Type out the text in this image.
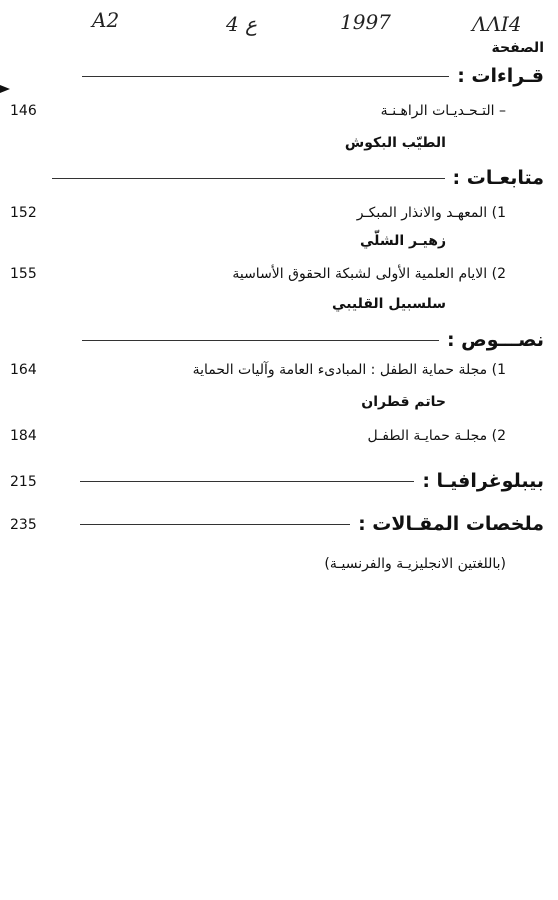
A2	4 ع	1997	ΛΛΙ4
الصفحة
قـراءات :
146	– التـحـديـات الراهـنـة
الطيّب البكوش
متابعـات :
152	1) المعهـد والانذار المبكـر
زهيـر الشلّي
155	2) الايام العلمية الأولى لشبكة الحقوق الأساسية
سلسبيل القليبي
نصـــوص :
164	1) مجلة حماية الطفل : المبادىء العامة وآليات الحماية
حاتم قطران
184	2) مجلـة حمايـة الطفـل
215	بيبلوغرافيـا :
235	ملخصات المقـالات :
(باللغتين الانجليزيـة والفرنسيـة)
